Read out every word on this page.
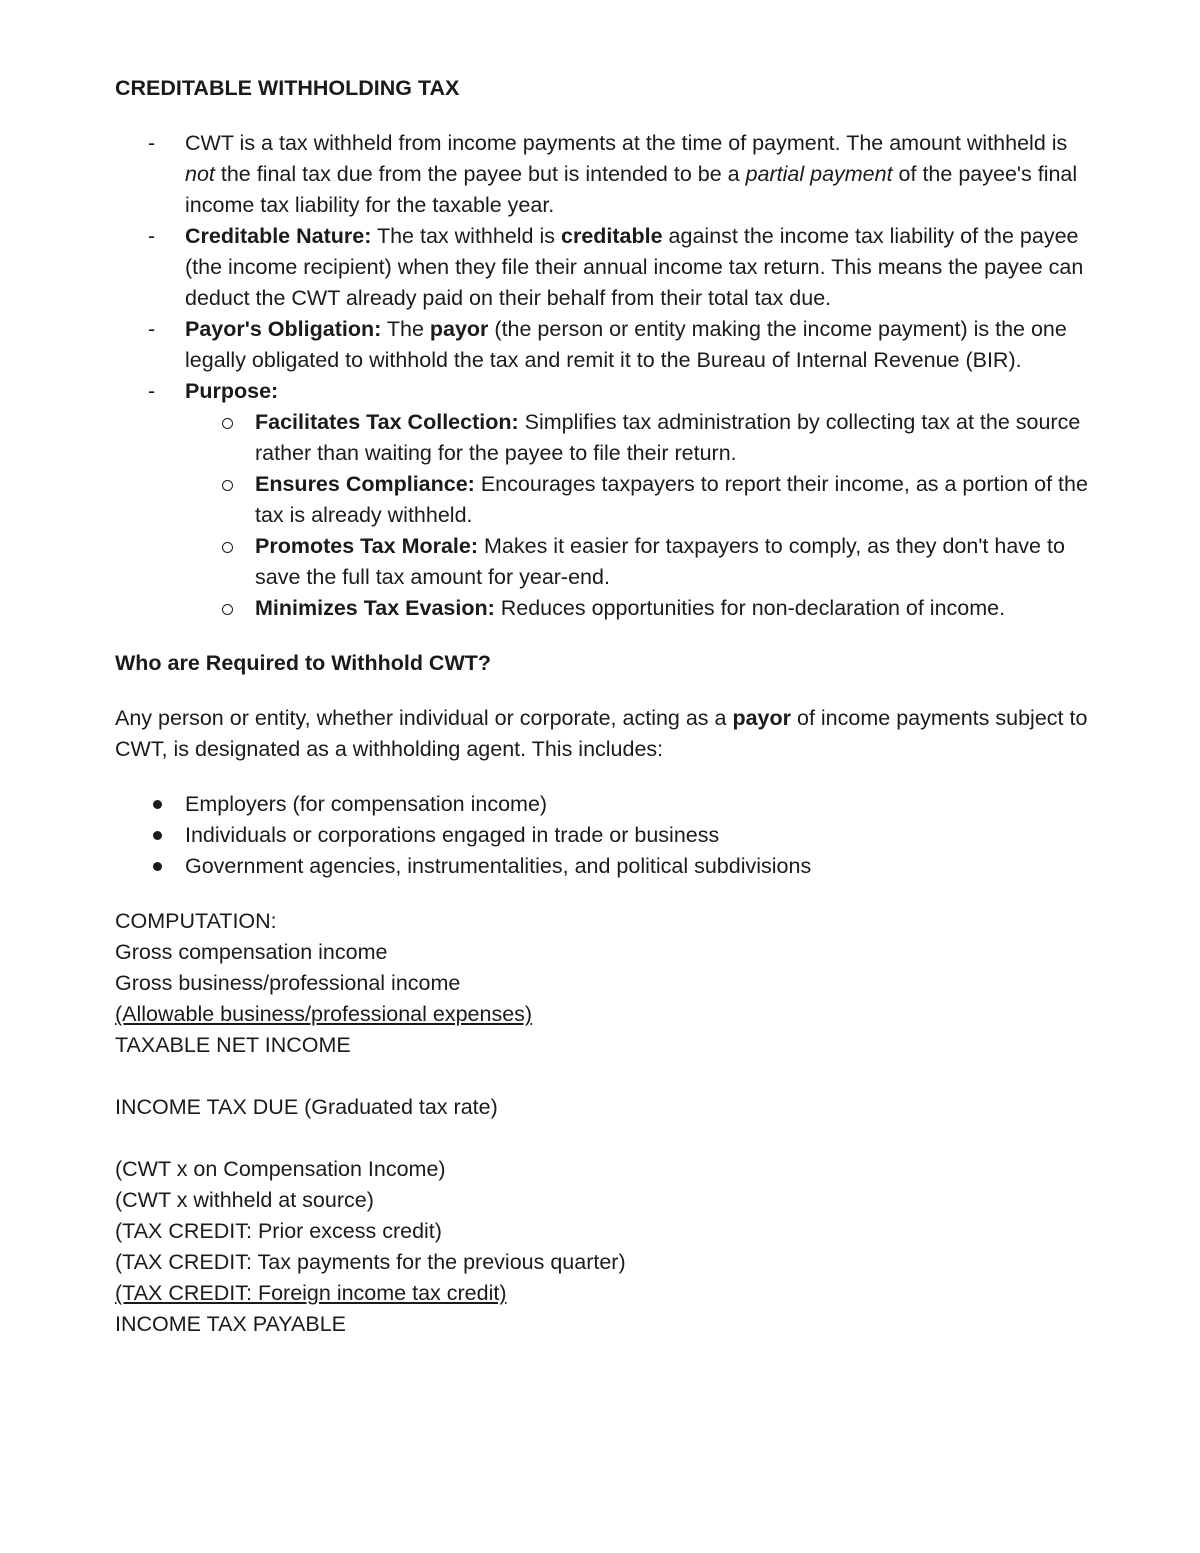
CREDITABLE WITHHOLDING TAX
- CWT is a tax withheld from income payments at the time of payment. The amount withheld is not the final tax due from the payee but is intended to be a partial payment of the payee's final income tax liability for the taxable year.
- Creditable Nature: The tax withheld is creditable against the income tax liability of the payee (the income recipient) when they file their annual income tax return. This means the payee can deduct the CWT already paid on their behalf from their total tax due.
- Payor's Obligation: The payor (the person or entity making the income payment) is the one legally obligated to withhold the tax and remit it to the Bureau of Internal Revenue (BIR).
- Purpose:
Facilitates Tax Collection: Simplifies tax administration by collecting tax at the source rather than waiting for the payee to file their return.
Ensures Compliance: Encourages taxpayers to report their income, as a portion of the tax is already withheld.
Promotes Tax Morale: Makes it easier for taxpayers to comply, as they don't have to save the full tax amount for year-end.
Minimizes Tax Evasion: Reduces opportunities for non-declaration of income.
Who are Required to Withhold CWT?
Any person or entity, whether individual or corporate, acting as a payor of income payments subject to CWT, is designated as a withholding agent. This includes:
Employers (for compensation income)
Individuals or corporations engaged in trade or business
Government agencies, instrumentalities, and political subdivisions
COMPUTATION:
Gross compensation income
Gross business/professional income
(Allowable business/professional expenses)
TAXABLE NET INCOME
INCOME TAX DUE (Graduated tax rate)
(CWT x on Compensation Income)
(CWT x withheld at source)
(TAX CREDIT: Prior excess credit)
(TAX CREDIT: Tax payments for the previous quarter)
(TAX CREDIT: Foreign income tax credit)
INCOME TAX PAYABLE
